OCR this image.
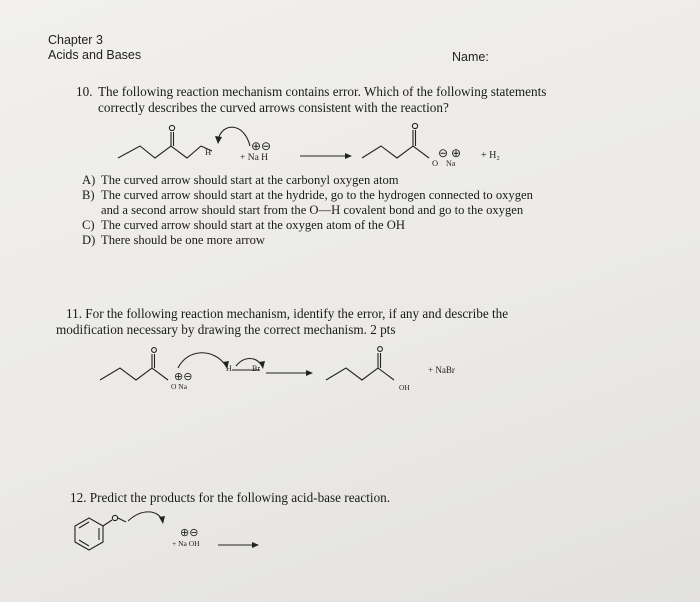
Chapter 3
Acids and Bases	Name:
10. The following reaction mechanism contains error. Which of the following statements
correctly describes the curved arrows consistent with the reaction?
H	⊕⊖
+ Na H	O Na
⊖ ⊕ + H₂
⊕⊖
O Na
H	Br
OH
+ NaBr
⊕⊖
+ Na OH
A) The curved arrow should start at the carbonyl oxygen atom
B) The curved arrow should start at the hydride, go to the hydrogen connected to oxygen
and a second arrow should start from the O—H covalent bond and go to the oxygen
C) The curved arrow should start at the oxygen atom of the OH
D) There should be one more arrow
11. For the following reaction mechanism, identify the error, if any and describe the
modification necessary by drawing the correct mechanism. 2 pts
12. Predict the products for the following acid-base reaction.
